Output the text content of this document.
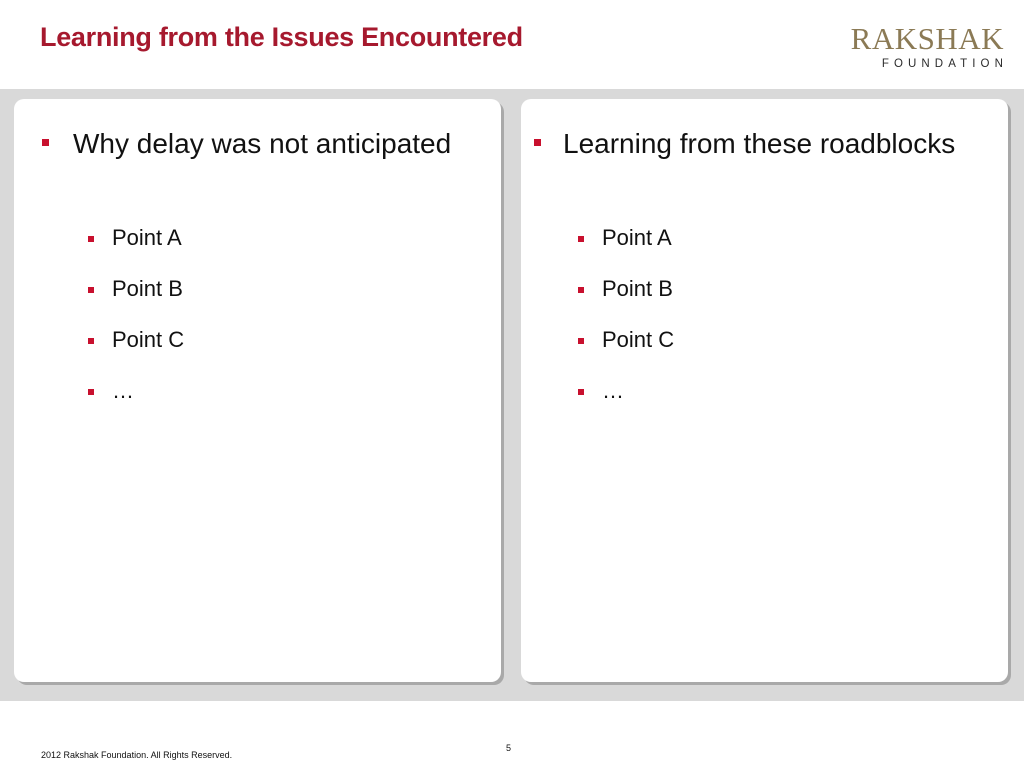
Learning from the Issues Encountered	RAKSHAK
FOUNDATION
Why delay was not anticipated
Point A
Point B
Point C
…
Learning from these roadblocks
Point A
Point B
Point C
…
5
2012 Rakshak Foundation. All Rights Reserved.
